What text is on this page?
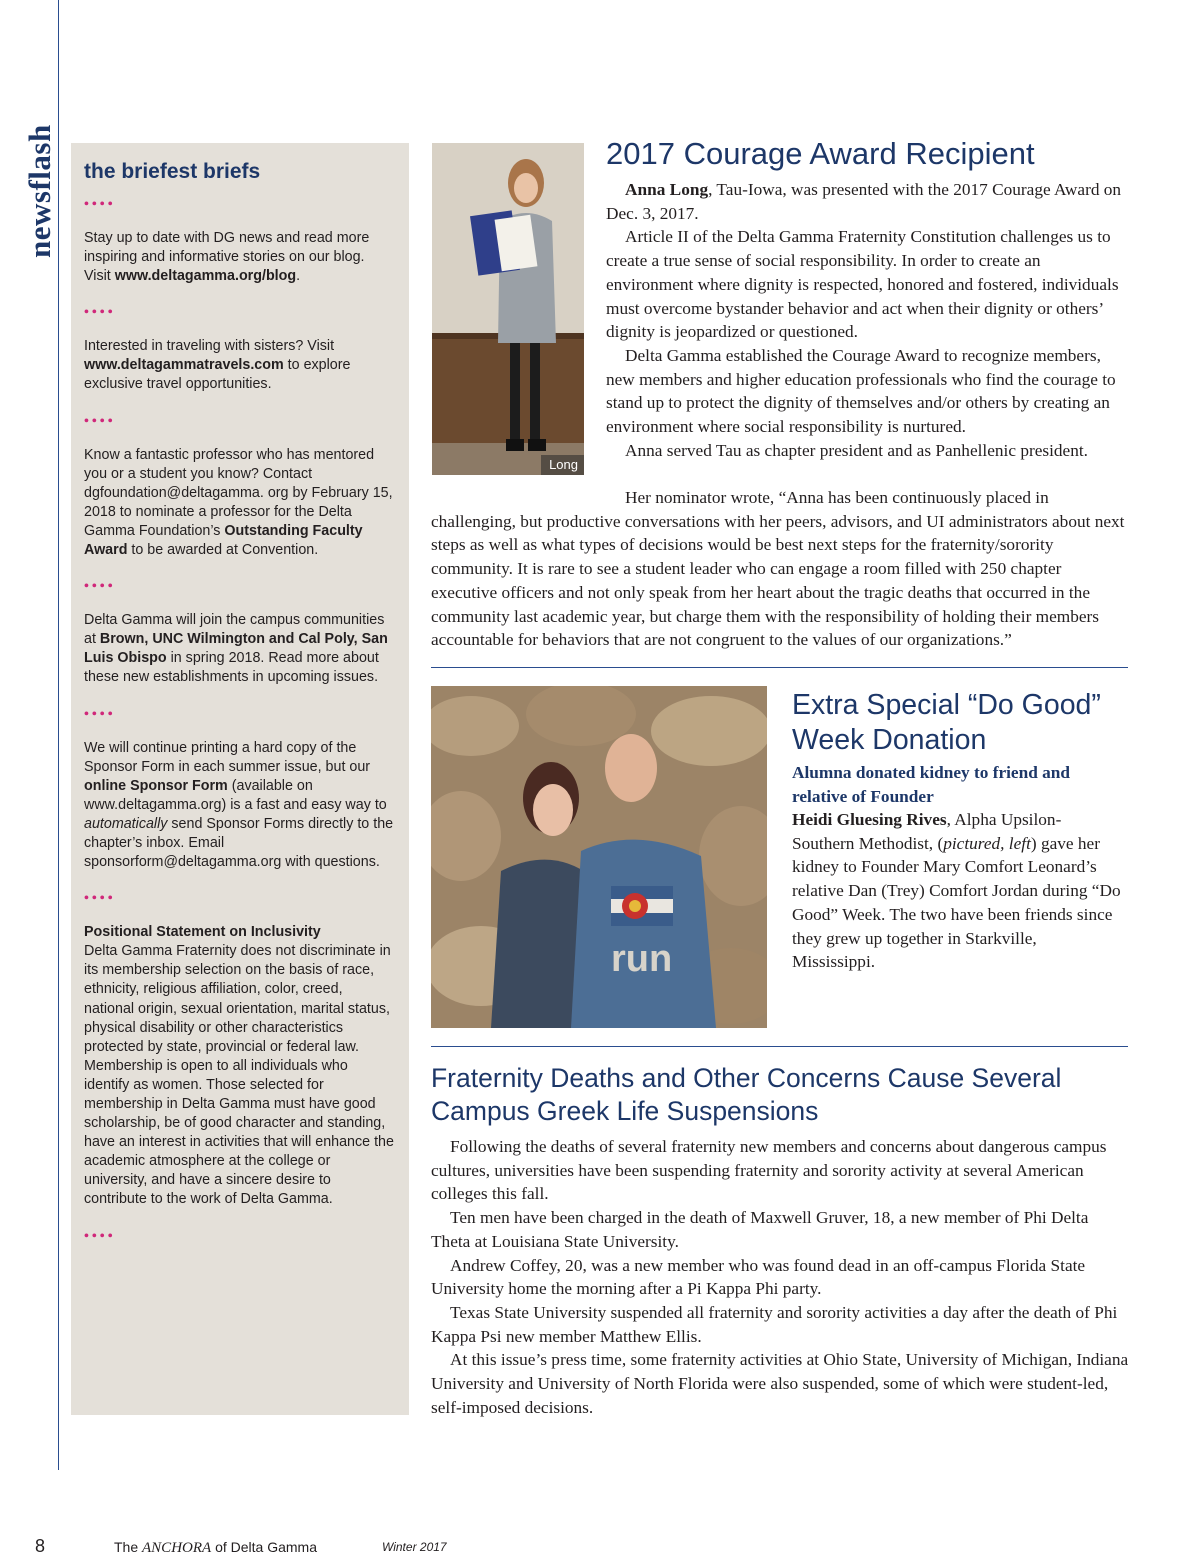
newsflash the briefest briefs
••••

Stay up to date with DG news and read more inspiring and informative stories on our blog. Visit www.deltagamma.org/blog.

••••

Interested in traveling with sisters? Visit www.deltagammatravels.com to explore exclusive travel opportunities.

••••

Know a fantastic professor who has mentored you or a student you know? Contact dgfoundation@deltagamma. org by February 15, 2018 to nominate a professor for the Delta Gamma Foundation’s Outstanding Faculty Award to be awarded at Convention.

••••

Delta Gamma will join the campus communities at Brown, UNC Wilmington and Cal Poly, San Luis Obispo in spring 2018. Read more about these new establishments in upcoming issues.

••••

We will continue printing a hard copy of the Sponsor Form in each summer issue, but our online Sponsor Form (available on www.deltagamma.org) is a fast and easy way to automatically send Sponsor Forms directly to the chapter’s inbox. Email sponsorform@deltagamma.org with questions.

••••

Positional Statement on Inclusivity
Delta Gamma Fraternity does not discriminate in its membership selection on the basis of race, ethnicity, religious affiliation, color, creed, national origin, sexual orientation, marital status, physical disability or other characteristics protected by state, provincial or federal law. Membership is open to all individuals who identify as women. Those selected for membership in Delta Gamma must have good scholarship, be of good character and standing, have an interest in activities that will enhance the academic atmosphere at the college or university, and have a sincere desire to contribute to the work of Delta Gamma.

••••
Long
2017 Courage Award Recipient

Anna Long, Tau-Iowa, was presented with the 2017 Courage Award on Dec. 3, 2017.

Article II of the Delta Gamma Fraternity Constitution challenges us to create a true sense of social responsibility. In order to create an environment where dignity is respected, honored and fostered, individuals must overcome bystander behavior and act when their dignity or others’ dignity is jeopardized or questioned.

Delta Gamma established the Courage Award to recognize members, new members and higher education professionals who find the courage to stand up to protect the dignity of themselves and/or others by creating an environment where social responsibility is nurtured.

Anna served Tau as chapter president and as Panhellenic president.

Her nominator wrote, “Anna has been continuously placed in challenging, but productive conversations with her peers, advisors, and UI administrators about next steps as well as what types of decisions would be best next steps for the fraternity/sorority community. It is rare to see a student leader who can engage a room filled with 250 chapter executive officers and not only speak from her heart about the tragic deaths that occurred in the community last academic year, but charge them with the responsibility of holding their members accountable for behaviors that are not congruent to the values of our organizations.”

run
Extra Special “Do Good” Week Donation
Alumna donated kidney to friend and relative of Founder

Heidi Gluesing Rives, Alpha Upsilon-Southern Methodist, (pictured, left) gave her kidney to Founder Mary Comfort Leonard’s relative Dan (Trey) Comfort Jordan during “Do Good” Week. The two have been friends since they grew up together in Starkville, Mississippi.

Fraternity Deaths and Other Concerns Cause Several Campus Greek Life Suspensions

Following the deaths of several fraternity new members and concerns about dangerous campus cultures, universities have been suspending fraternity and sorority activity at several American colleges this fall.

Ten men have been charged in the death of Maxwell Gruver, 18, a new member of Phi Delta Theta at Louisiana State University.

Andrew Coffey, 20, was a new member who was found dead in an off-campus Florida State University home the morning after a Pi Kappa Phi party.

Texas State University suspended all fraternity and sorority activities a day after the death of Phi Kappa Psi new member Matthew Ellis.

At this issue’s press time, some fraternity activities at Ohio State, University of Michigan, Indiana University and University of North Florida were also suspended, some of which were student-led, self-imposed decisions.

8	The ANCHORA of Delta Gamma	Winter 2017
